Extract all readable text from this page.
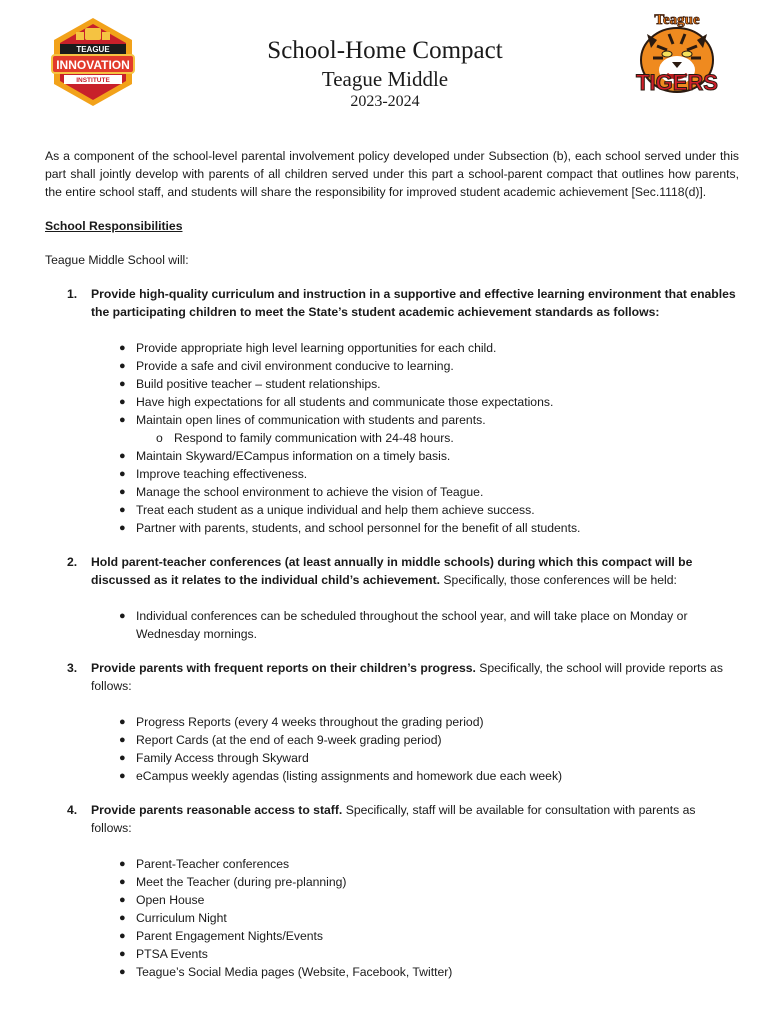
TEAGUE
INNOVATION
INSTITUTE
Teague
TIGERS
School-Home Compact
Teague Middle
2023-2024

As a component of the school-level parental involvement policy developed under Subsection (b), each school served under this part shall jointly develop with parents of all children served under this part a school-parent compact that outlines how parents, the entire school staff, and students will share the responsibility for improved student academic achievement [Sec.1118(d)].

School Responsibilities

Teague Middle School will:

1. Provide high-quality curriculum and instruction in a supportive and effective learning environment that enables the participating children to meet the State’s student academic achievement standards as follows:
● Provide appropriate high level learning opportunities for each child.
● Provide a safe and civil environment conducive to learning.
● Build positive teacher – student relationships.
● Have high expectations for all students and communicate those expectations.
● Maintain open lines of communication with students and parents.
o Respond to family communication with 24-48 hours.
● Maintain Skyward/ECampus information on a timely basis.
● Improve teaching effectiveness.
● Manage the school environment to achieve the vision of Teague.
● Treat each student as a unique individual and help them achieve success.
● Partner with parents, students, and school personnel for the benefit of all students.
2. Hold parent-teacher conferences (at least annually in middle schools) during which this compact will be discussed as it relates to the individual child’s achievement. Specifically, those conferences will be held:
● Individual conferences can be scheduled throughout the school year, and will take place on Monday or Wednesday mornings.
3. Provide parents with frequent reports on their children’s progress. Specifically, the school will provide reports as follows:
● Progress Reports (every 4 weeks throughout the grading period)
● Report Cards (at the end of each 9-week grading period)
● Family Access through Skyward
● eCampus weekly agendas (listing assignments and homework due each week)
4. Provide parents reasonable access to staff. Specifically, staff will be available for consultation with parents as follows:
● Parent-Teacher conferences
● Meet the Teacher (during pre-planning)
● Open House
● Curriculum Night
● Parent Engagement Nights/Events
● PTSA Events
● Teague’s Social Media pages (Website, Facebook, Twitter)
